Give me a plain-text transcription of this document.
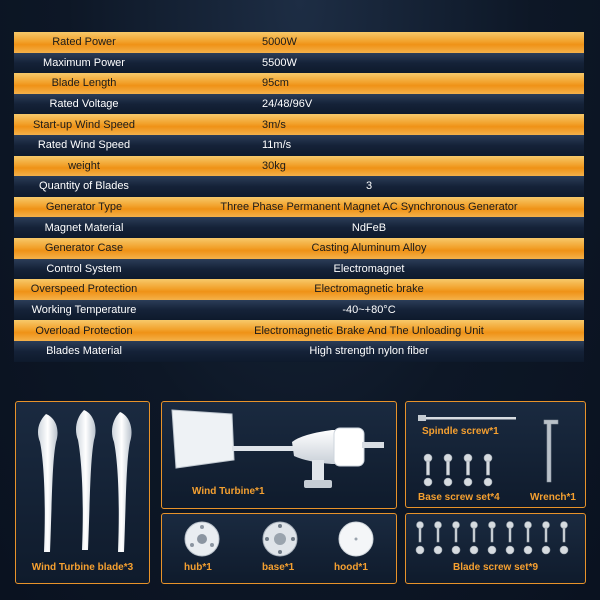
Rated Power	5000W
Maximum Power	5500W
Blade Length	95cm
Rated Voltage	24/48/96V
Start-up Wind Speed	3m/s
Rated Wind Speed	11m/s
weight	30kg
Quantity of Blades	3
Generator Type	Three Phase Permanent Magnet AC Synchronous Generator
Magnet Material	NdFeB
Generator Case	Casting Aluminum Alloy
Control System	Electromagnet
Overspeed Protection	Electromagnetic brake
Working Temperature	-40~+80°C
Overload Protection	Electromagnetic Brake And The Unloading Unit
Blades Material	High strength nylon fiber
Wind Turbine blade*3
Wind Turbine*1
hub*1	base*1	hood*1
Spindle screw*1
Base screw set*4	Wrench*1
Blade screw set*9
